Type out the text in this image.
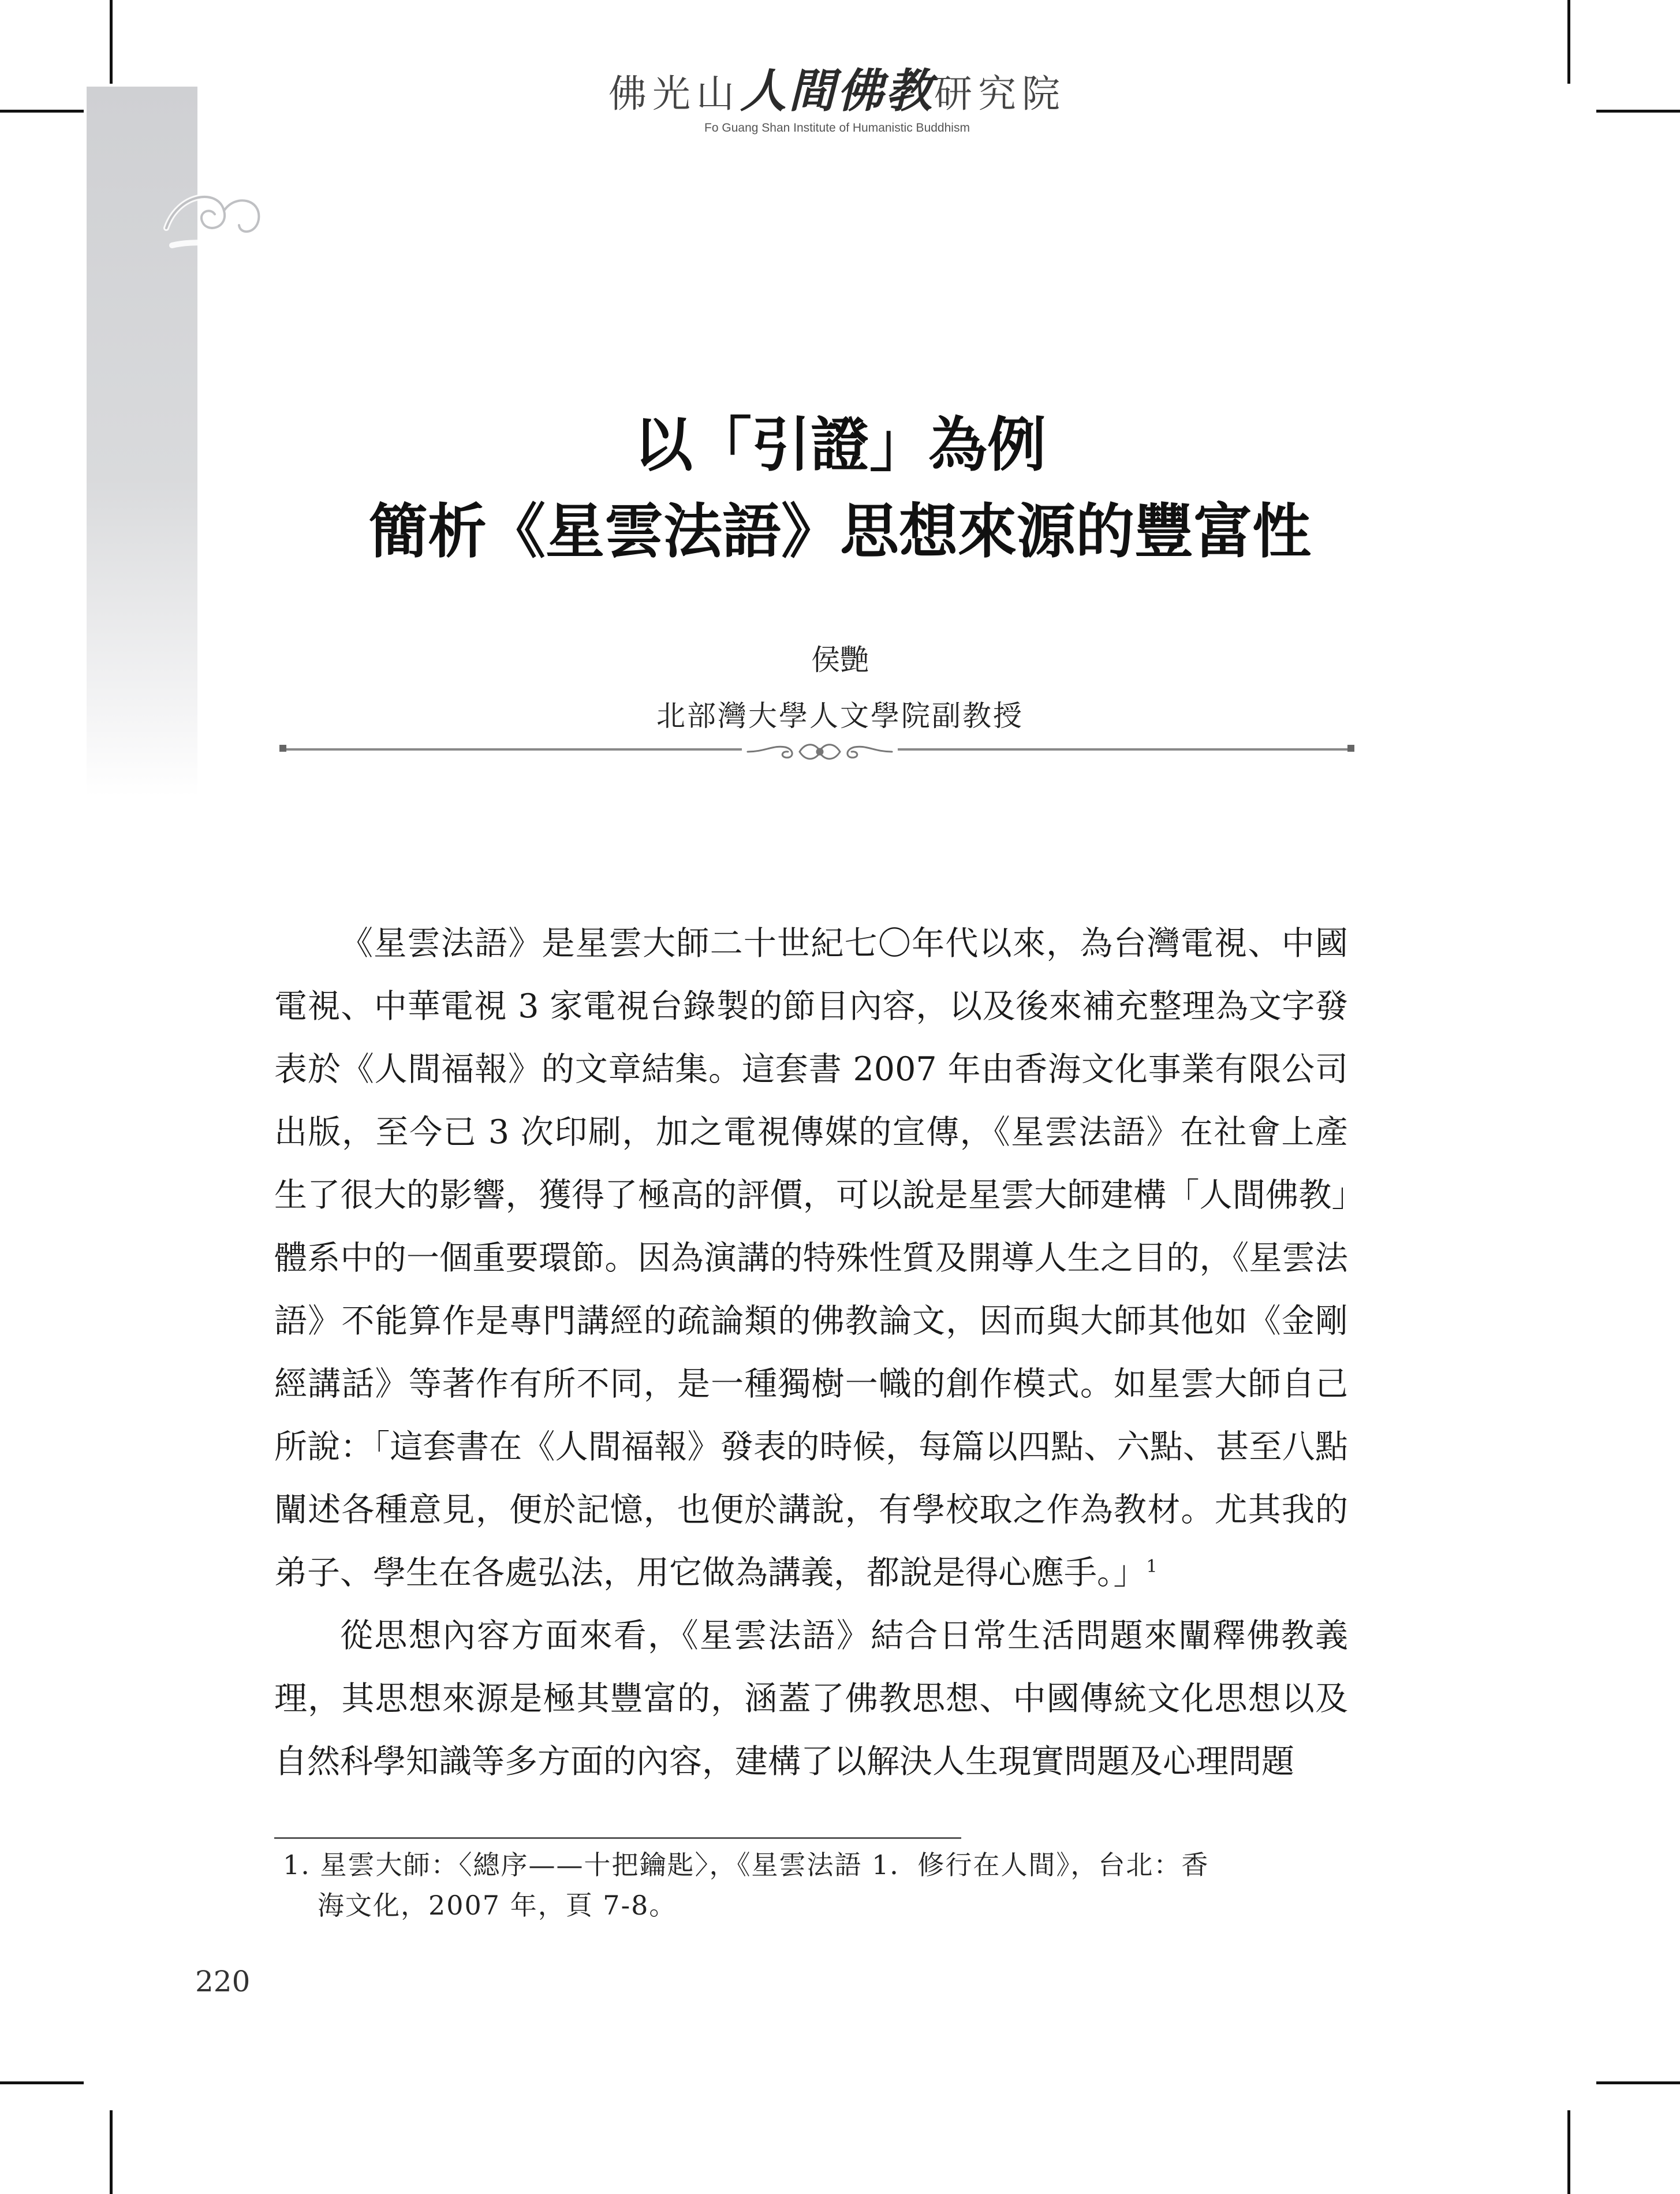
佛光山人間佛教研究院
Fo Guang Shan Institute of Humanistic Buddhism
以「引證」為例
簡析《星雲法語》思想來源的豐富性
侯艷
北部灣大學人文學院副教授

《星雲法語》是星雲大師二十世紀七〇年代以來，為台灣電視、中國電視、中華電視 3 家電視台錄製的節目內容，以及後來補充整理為文字發表於《人間福報》的文章結集。這套書 2007 年由香海文化事業有限公司出版，至今已 3 次印刷，加之電視傳媒的宣傳，《星雲法語》在社會上產生了很大的影響，獲得了極高的評價，可以說是星雲大師建構「人間佛教」體系中的一個重要環節。因為演講的特殊性質及開導人生之目的，《星雲法語》不能算作是專門講經的疏論類的佛教論文，因而與大師其他如《金剛經講話》等著作有所不同，是一種獨樹一幟的創作模式。如星雲大師自己所說：「這套書在《人間福報》發表的時候，每篇以四點、六點、甚至八點闡述各種意見，便於記憶，也便於講說，有學校取之作為教材。尤其我的弟子、學生在各處弘法，用它做為講義，都說是得心應手。」$^1$

從思想內容方面來看，《星雲法語》結合日常生活問題來闡釋佛教義理，其思想來源是極其豐富的，涵蓋了佛教思想、中國傳統文化思想以及自然科學知識等多方面的內容，建構了以解決人生現實問題及心理問題

1. 星雲大師：〈總序——十把鑰匙〉，《星雲法語 1．修行在人間》，台北：香
海文化，2007 年，頁 7-8。
220
